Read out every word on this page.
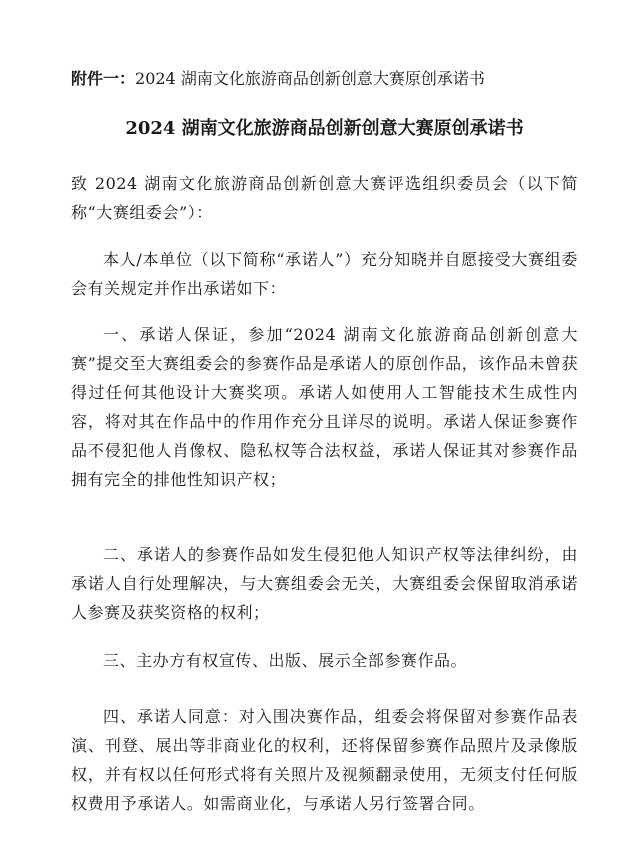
附件一：2024 湖南文化旅游商品创新创意大赛原创承诺书
2024 湖南文化旅游商品创新创意大赛原创承诺书
致 2024 湖南文化旅游商品创新创意大赛评选组织委员会（以下简称“大赛组委会”）：
本人/本单位（以下简称“承诺人”）充分知晓并自愿接受大赛组委会有关规定并作出承诺如下：
一、承诺人保证，参加“2024 湖南文化旅游商品创新创意大赛”提交至大赛组委会的参赛作品是承诺人的原创作品，该作品未曾获得过任何其他设计大赛奖项。承诺人如使用人工智能技术生成性内容，将对其在作品中的作用作充分且详尽的说明。承诺人保证参赛作品不侵犯他人肖像权、隐私权等合法权益，承诺人保证其对参赛作品拥有完全的排他性知识产权；
二、承诺人的参赛作品如发生侵犯他人知识产权等法律纠纷，由承诺人自行处理解决，与大赛组委会无关，大赛组委会保留取消承诺人参赛及获奖资格的权利；
三、主办方有权宣传、出版、展示全部参赛作品。
四、承诺人同意：对入围决赛作品，组委会将保留对参赛作品表演、刊登、展出等非商业化的权利，还将保留参赛作品照片及录像版权，并有权以任何形式将有关照片及视频翻录使用，无须支付任何版权费用予承诺人。如需商业化，与承诺人另行签署合同。
